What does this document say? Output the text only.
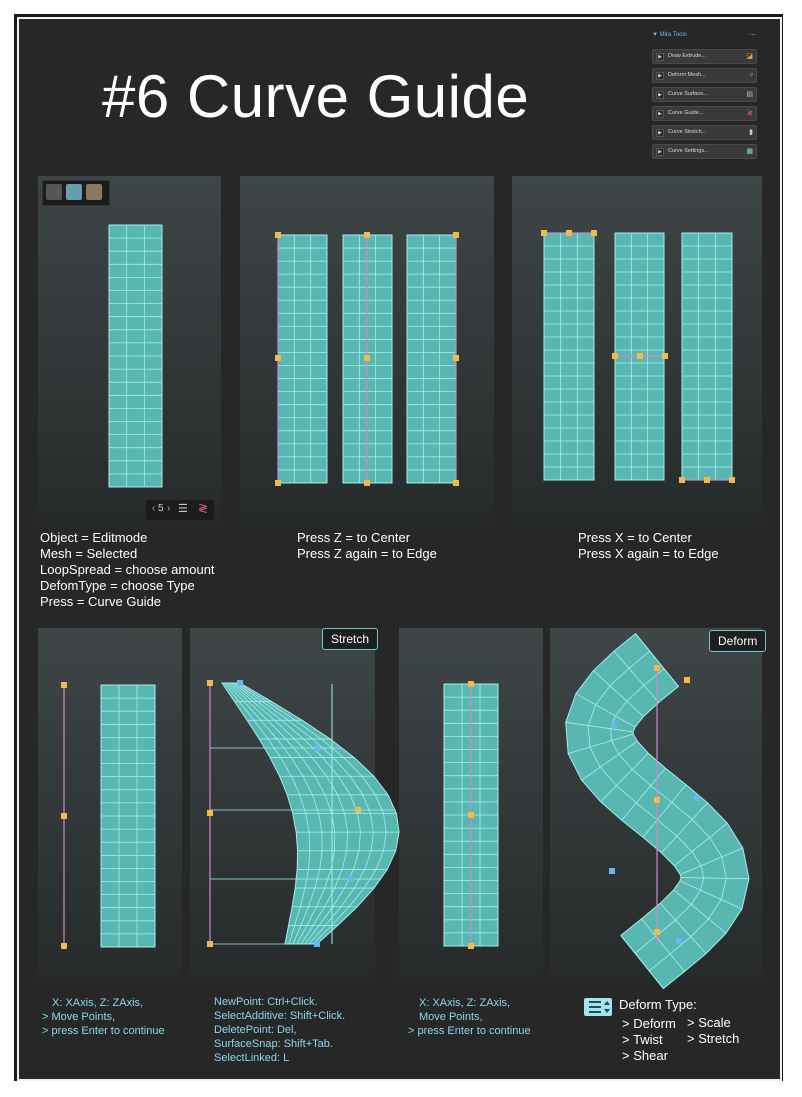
#6 Curve Guide
▼ Mira Tools	⋯
▶	Draw Extrude...	◪
▶	Deform Mesh...	▿
▶	Curve Surface...	▤
▶	Curve Guide...	≷
▶	Curve Stretch...	▮
▶	Curve Settings...	▦
‹ 5 › ☰ ≷
Object = Editmode
Mesh = Selected
LoopSpread = choose amount
DefomType = choose Type
Press = Curve Guide
Press Z = to Center
Press Z again = to Edge
Press X = to Center
Press X again = to Edge
Stretch	Deform
X: XAxis, Z: ZAxis,
> Move Points,
> press Enter to continue
NewPoint: Ctrl+Click.
SelectAdditive: Shift+Click.
DeletePoint: Del,
SurfaceSnap: Shift+Tab.
SelectLinked: L
X: XAxis, Z: ZAxis,
Move Points,
> press Enter to continue
Deform Type:
> Deform > Scale
> Twist > Stretch
> Shear
